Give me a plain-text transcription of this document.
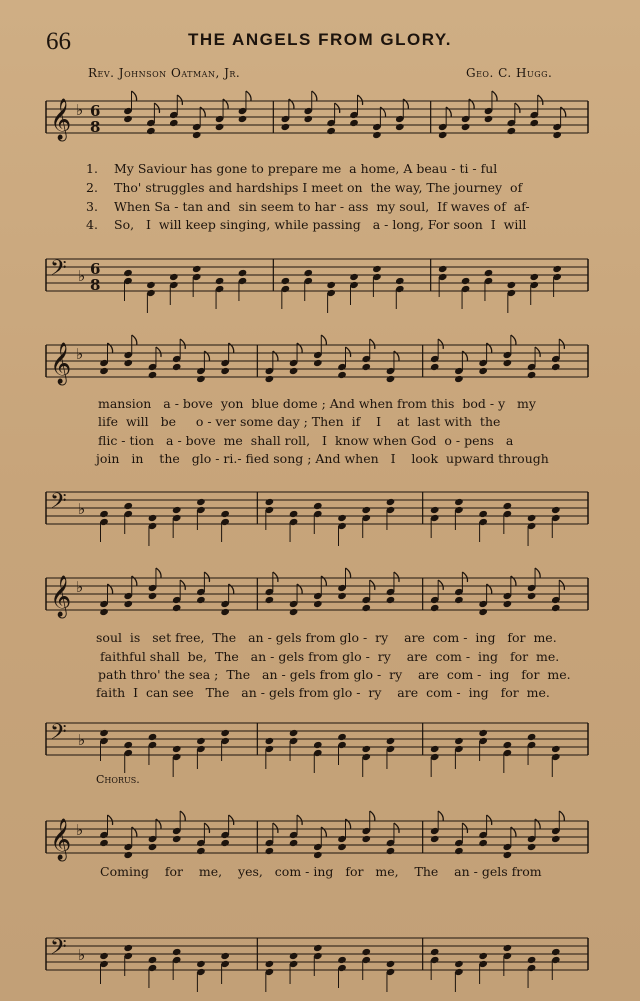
66	THE ANGELS FROM GLORY.
Rev. Johnson Oatman, Jr.	Geo. C. Hugg.
𝄞 ♭ 6
8
𝄢 ♭ 6
8
1. My Saviour has gone to prepare me  a home, A beau - ti - ful
2. Tho' struggles and hardships I meet on  the way, The journey  of
3. When Sa - tan and  sin seem to har - ass  my soul,  If waves of  af-
4. So,   I  will keep singing, while passing   a - long, For soon  I  will
𝄞 ♭
𝄢 ♭
mansion   a - bove  yon  blue dome ; And when from this  bod - y   my
life  will   be     o - ver some day ; Then  if    I    at  last with  the
flic - tion   a - bove  me  shall roll,   I  know when God  o - pens   a
join   in    the   glo - ri.- fied song ; And when   I    look  upward through
𝄞 ♭
𝄢 ♭
soul  is   set free,  The   an - gels from glo -  ry    are  com -  ing   for  me.
faithful shall  be,  The   an - gels from glo -  ry    are  com -  ing   for  me.
path thro' the sea ;  The   an - gels from glo -  ry    are  com -  ing   for  me.
faith  I  can see   The   an - gels from glo -  ry    are  com -  ing   for  me.
Chorus.
𝄞 ♭
𝄢 ♭
Coming    for    me,    yes,   com - ing   for   me,    The    an - gels from
